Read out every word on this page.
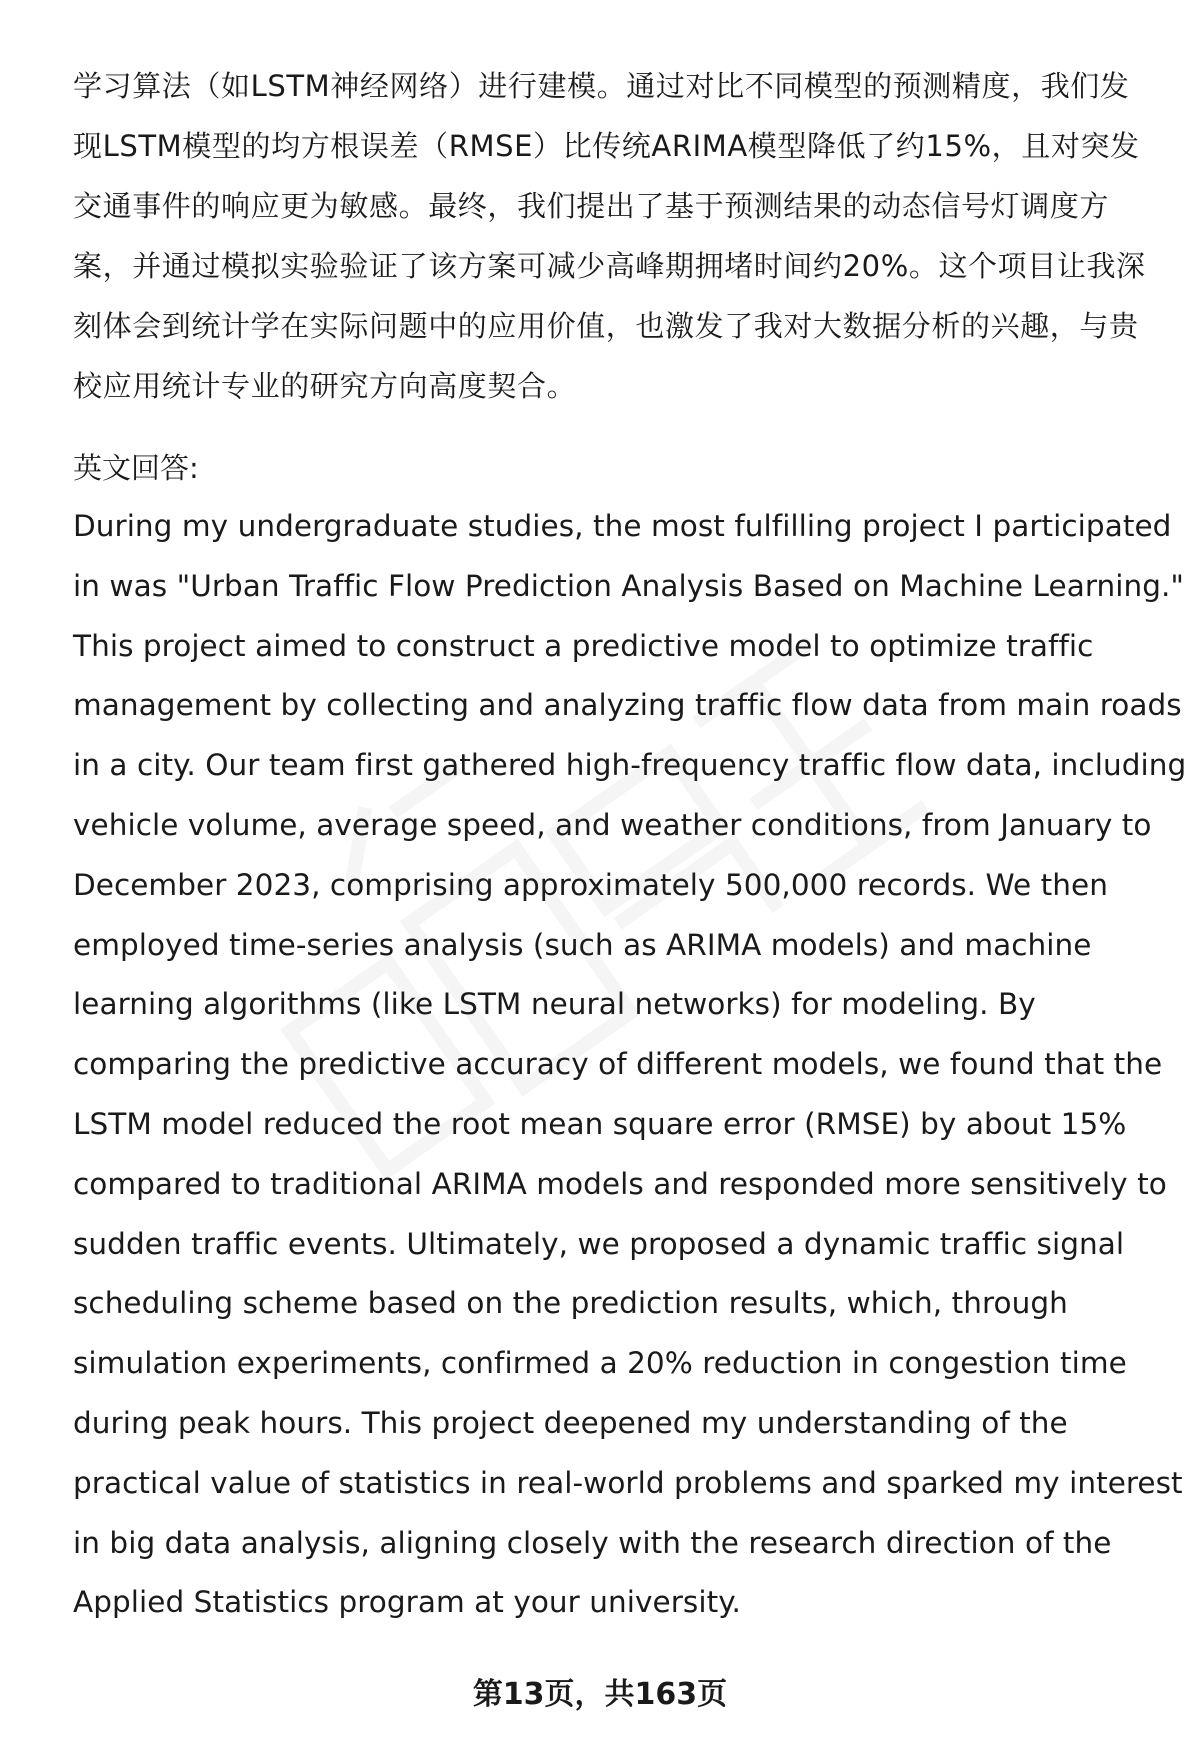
学习算法（如LSTM神经网络）进行建模。通过对比不同模型的预测精度，我们发
现LSTM模型的均方根误差（RMSE）比传统ARIMA模型降低了约15%，且对突发
交通事件的响应更为敏感。最终，我们提出了基于预测结果的动态信号灯调度方
案，并通过模拟实验验证了该方案可减少高峰期拥堵时间约20%。这个项目让我深
刻体会到统计学在实际问题中的应用价值，也激发了我对大数据分析的兴趣，与贵
校应用统计专业的研究方向高度契合。

英文回答:

During my undergraduate studies, the most fulfilling project I participated
in was "Urban Traffic Flow Prediction Analysis Based on Machine Learning."
This project aimed to construct a predictive model to optimize traffic
management by collecting and analyzing traffic flow data from main roads
in a city. Our team first gathered high-frequency traffic flow data, including
vehicle volume, average speed, and weather conditions, from January to
December 2023, comprising approximately 500,000 records. We then
employed time-series analysis (such as ARIMA models) and machine
learning algorithms (like LSTM neural networks) for modeling. By
comparing the predictive accuracy of different models, we found that the
LSTM model reduced the root mean square error (RMSE) by about 15%
compared to traditional ARIMA models and responded more sensitively to
sudden traffic events. Ultimately, we proposed a dynamic traffic signal
scheduling scheme based on the prediction results, which, through
simulation experiments, confirmed a 20% reduction in congestion time
during peak hours. This project deepened my understanding of the
practical value of statistics in real-world problems and sparked my interest
in big data analysis, aligning closely with the research direction of the
Applied Statistics program at your university.

第13页，共163页
